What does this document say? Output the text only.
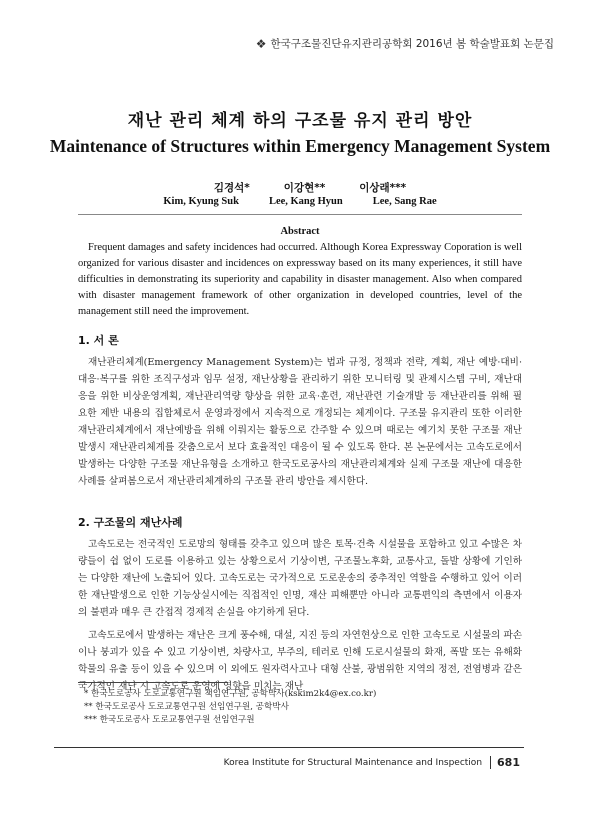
❖ 한국구조물진단유지관리공학회 2016년 봄 학술발표회 논문집
재난 관리 체계 하의 구조물 유지 관리 방안
Maintenance of Structures within Emergency Management System
김경석*	이강현**	이상래***
Kim, Kyung Suk	Lee, Kang Hyun	Lee, Sang Rae
Abstract
Frequent damages and safety incidences had occurred. Although Korea Expressway Coporation is well organized for various disaster and incidences on expressway based on its many experiences, it still have difficulties in demonstrating its superiority and capability in disaster management. Also when compared with disaster management framework of other organization in developed countries, level of the management still need the improvement.
1. 서 론

재난관리체계(Emergency Management System)는 법과 규정, 정책과 전략, 계획, 재난 예방·대비·대응·복구를 위한 조직구성과 임무 설정, 재난상황을 관리하기 위한 모니터링 및 관제시스템 구비, 재난대응을 위한 비상운영계획, 재난관리역량 향상을 위한 교육·훈련, 재난관련 기술개발 등 재난관리를 위해 필요한 제반 내용의 집합체로서 운영과정에서 지속적으로 개정되는 체계이다. 구조물 유지관리 또한 이러한 재난관리체계에서 재난예방을 위해 이뤄지는 활동으로 간주할 수 있으며 때로는 예기치 못한 구조물 재난발생시 재난관리체계를 갖춤으로서 보다 효율적인 대응이 될 수 있도록 한다. 본 논문에서는 고속도로에서 발생하는 다양한 구조물 재난유형을 소개하고 한국도로공사의 재난관리체계와 실제 구조물 재난에 대응한 사례를 살펴봄으로서 재난관리체계하의 구조물 관리 방안을 제시한다.

2. 구조물의 재난사례

고속도로는 전국적인 도로망의 형태를 갖추고 있으며 많은 토목·건축 시설물을 포함하고 있고 수많은 차량들이 쉽 없이 도로를 이용하고 있는 상황으로서 기상이변, 구조물노후화, 교통사고, 돌발 상황에 기인하는 다양한 재난에 노출되어 있다. 고속도로는 국가적으로 도로운송의 중추적인 역할을 수행하고 있어 이러한 재난발생으로 인한 기능상실시에는 직접적인 인명, 재산 피해뿐만 아니라 교통편익의 측면에서 이용자의 불편과 매우 큰 간접적 경제적 손실을 야기하게 된다.

고속도로에서 발생하는 재난은 크게 풍수해, 대설, 지진 등의 자연현상으로 인한 고속도로 시설물의 파손이나 붕괴가 있을 수 있고 기상이변, 차량사고, 부주의, 테러로 인해 도로시설물의 화재, 폭발 또는 유해화학물의 유출 등이 있을 수 있으며 이 외에도 원자력사고나 대형 산불, 광범위한 지역의 정전, 전염병과 같은 국가적인 재난 시 고속도로 운영에 영향을 미치는 재난

* 한국도로공사 도로교통연구원 책임연구원, 공학박사(kskim2k4@ex.co.kr)
** 한국도로공사 도로교통연구원 선임연구원, 공학박사
*** 한국도로공사 도로교통연구원 선임연구원
Korea Institute for Structural Maintenance and Inspection	681
